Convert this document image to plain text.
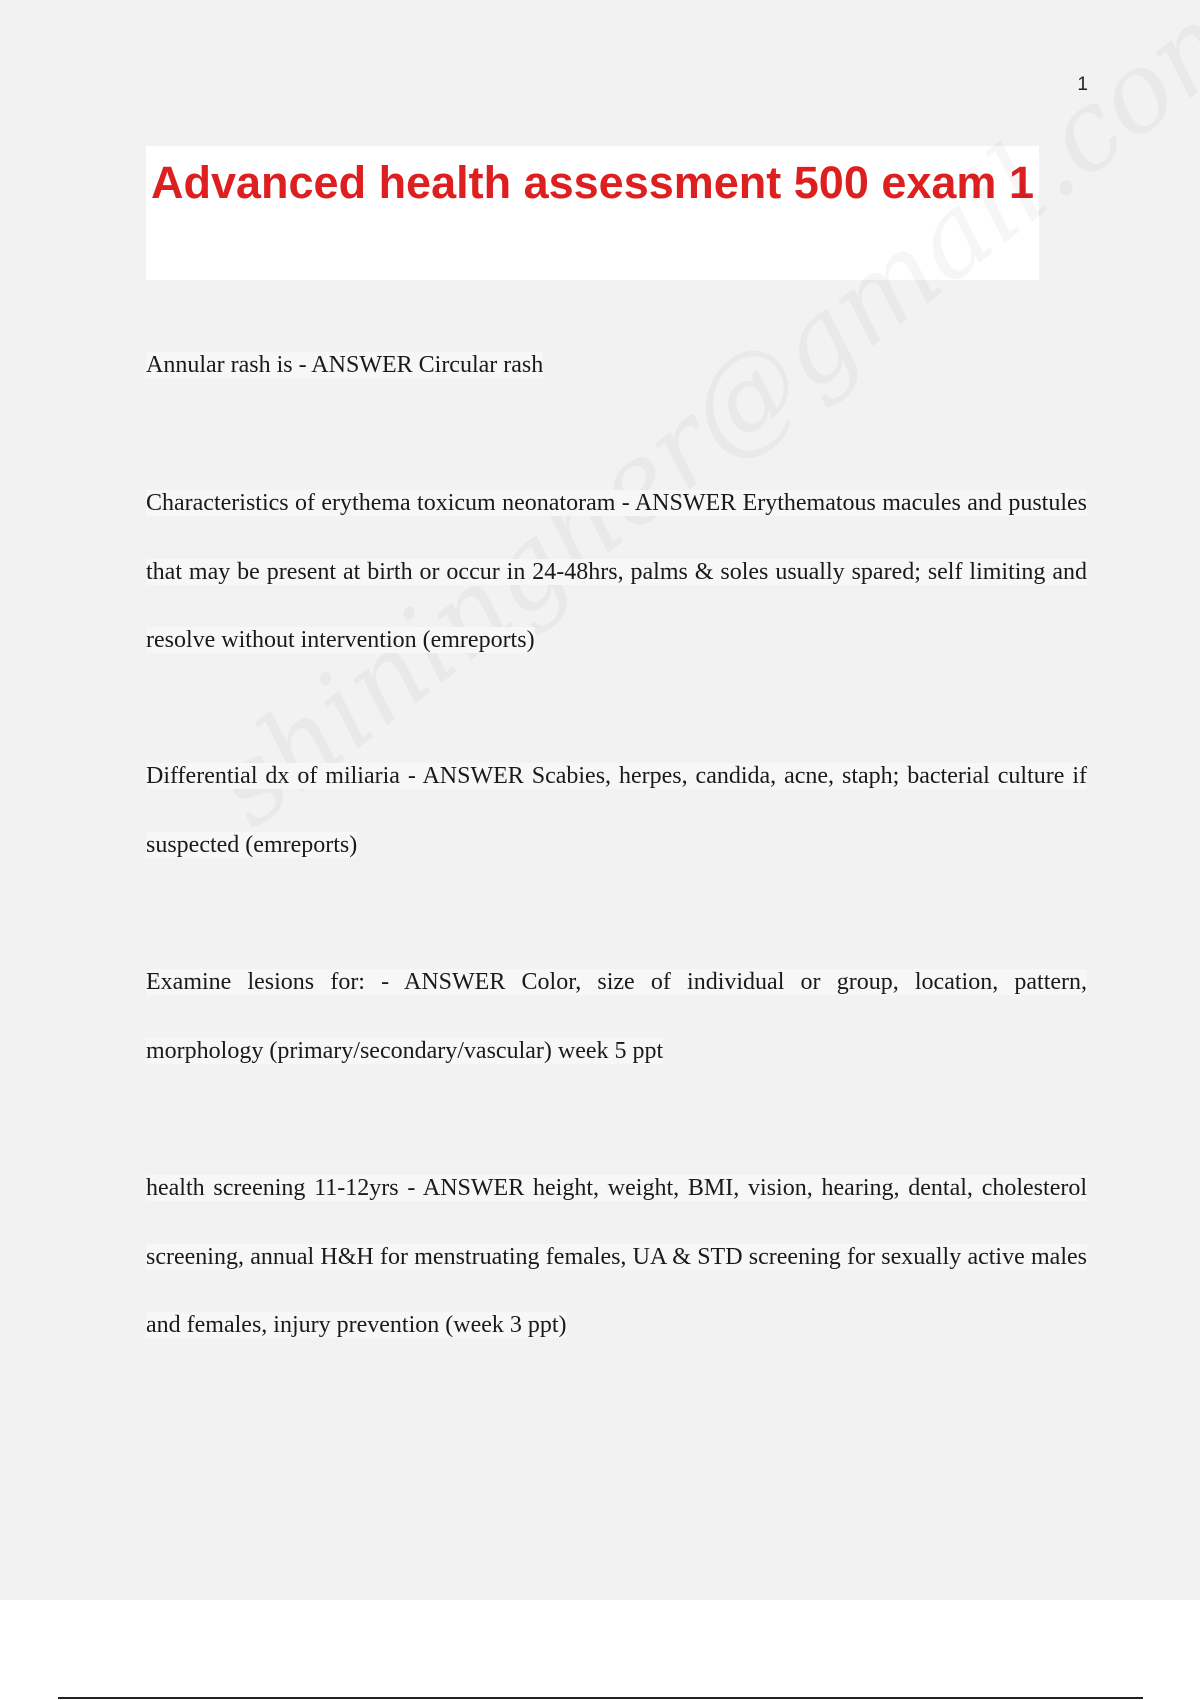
1
Advanced health assessment 500 exam 1

Annular rash is - ANSWER Circular rash

Characteristics of erythema toxicum neonatoram - ANSWER Erythematous macules and pustules that may be present at birth or occur in 24-48hrs, palms & soles usually spared; self limiting and resolve without intervention (emreports)

Differential dx of miliaria - ANSWER Scabies, herpes, candida, acne, staph; bacterial culture if suspected (emreports)

Examine lesions for: - ANSWER Color, size of individual or group, location, pattern, morphology (primary/secondary/vascular) week 5 ppt

health screening 11-12yrs - ANSWER height, weight, BMI, vision, hearing, dental, cholesterol screening, annual H&H for menstruating females, UA & STD screening for sexually active males and females, injury prevention (week 3 ppt)
